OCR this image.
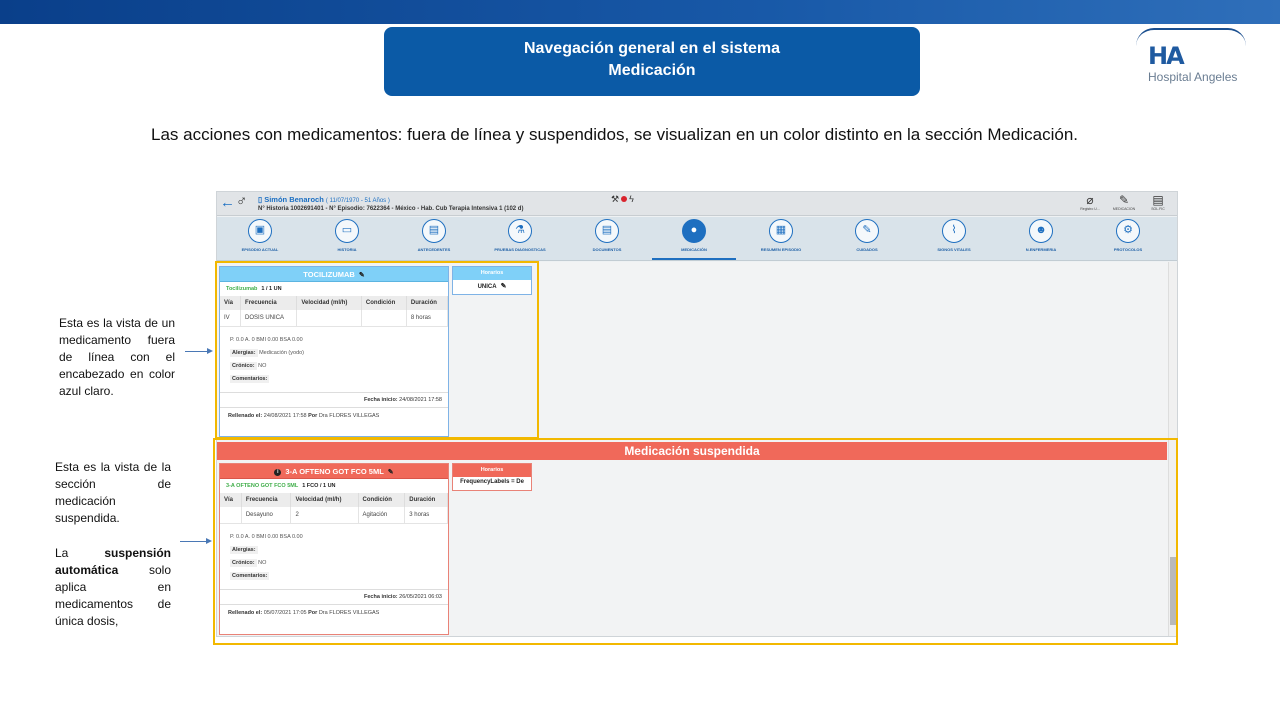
Navegación general en el sistema
Medicación
HA
Hospital Angeles
Las acciones con medicamentos: fuera de línea y suspendidos, se visualizan en un color distinto en la sección Medicación.
Esta es la vista de un medicamento fuera de línea con el encabezado en color azul claro.
Esta es la vista de la sección de medicación suspendida.
La	suspensión automática	solo aplica en medicamentos de única dosis,
← ♂ ▯ Simón Benaroch ( 11/07/1970 - 51 Años )
N° Historia 1002691401 - N° Episodio: 7622364 - México - Hab. Cub Terapia Intensiva 1 (102 d)
⚒ ϟ	⌀
Registro U...
✎
MEDICACION
▤
SOL.FIC
▣
EPISODIO ACTUAL
▭
HISTORIA
▤
ANTECEDENTES
⚗
PRUEBAS DIAGNOSTICAS
▤
DOCUMENTOS
●
MEDICACIÓN
▦
RESUMEN EPISODIO
✎
CUIDADOS
⌇
SIGNOS VITALES
☻
N.ENFERMERIA
⚙
PROTOCOLOS
TOCILIZUMAB ✎
Tocilizumab 1 / 1 UN
Vía	Frecuencia	Velocidad (ml/h)	Condición	Duración
IV	DOSIS UNICA			8 horas
P. 0.0 A. 0 BMI 0.00 BSA 0.00
Alergias: Medicación (yodo)
Crónico: NO
Comentarios:
Fecha inicio: 24/08/2021 17:58
Rellenado el: 24/08/2021 17:58 Por Dra FLORES VILLEGAS
Horarios
UNICA ✎
Medicación suspendida
i 3-A OFTENO GOT FCO 5ML ✎
3-A OFTENO GOT FCO 5ML 1 FCO / 1 UN
Vía	Frecuencia	Velocidad (ml/h)	Condición	Duración
	Desayuno	2	Agitación	3 horas
P. 0.0 A. 0 BMI 0.00 BSA 0.00
Alergias:
Crónico: NO
Comentarios:
Fecha inicio: 26/05/2021 06:03
Rellenado el: 05/07/2021 17:05 Por Dra FLORES VILLEGAS
Horarios
FrequencyLabels = De
